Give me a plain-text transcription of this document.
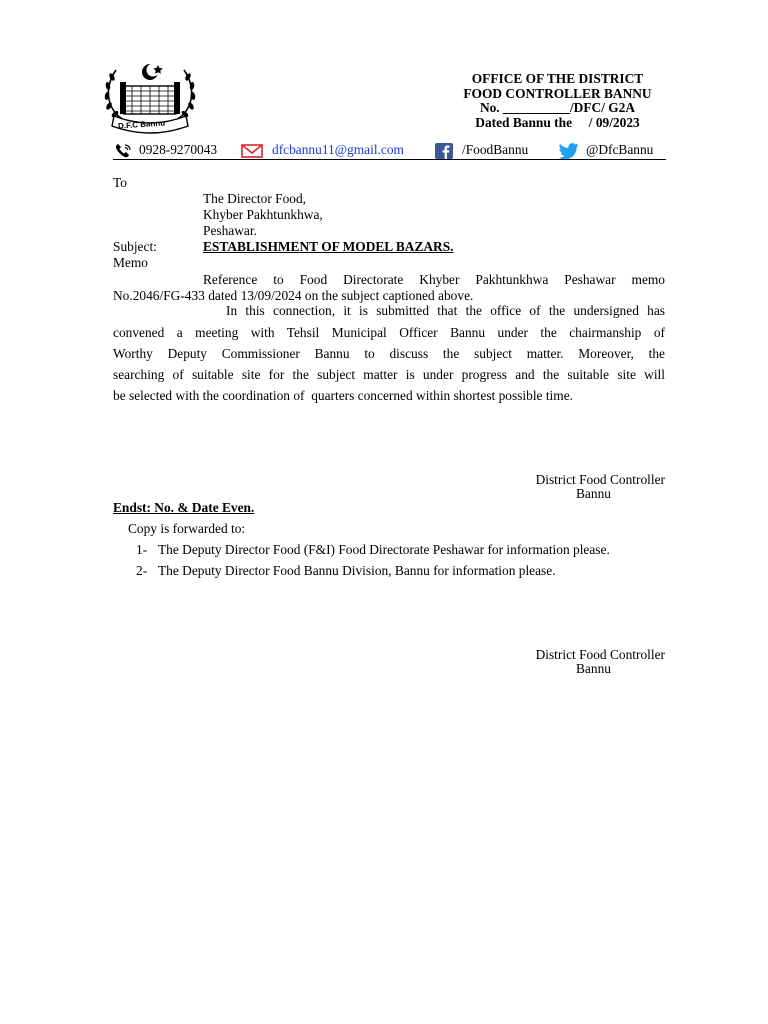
D.F.C Bannu
OFFICE OF THE DISTRICT
FOOD CONTROLLER BANNU
No. __________/DFC/ G2A
Dated Bannu the     / 09/2023
0928-9270043	dfcbannu11@gmail.com	/FoodBannu	@DfcBannu
To
The Director Food,
Khyber Pakhtunkhwa,
Peshawar.
Subject:	ESTABLISHMENT OF MODEL BAZARS.
Memo
Reference to Food Directorate Khyber Pakhtunkhwa Peshawar memo
No.2046/FG-433 dated 13/09/2024 on the subject captioned above.
In this connection, it is submitted that the office of the undersigned has
convened a meeting with Tehsil Municipal Officer Bannu under the chairmanship of
Worthy Deputy Commissioner Bannu to discuss the subject matter. Moreover, the
searching of suitable site for the subject matter is under progress and the suitable site will
be selected with the coordination of  quarters concerned within shortest possible time.
District Food Controller
Bannu
Endst: No. & Date Even.
Copy is forwarded to:
1- The Deputy Director Food (F&I) Food Directorate Peshawar for information please.
2- The Deputy Director Food Bannu Division, Bannu for information please.
District Food Controller
Bannu
